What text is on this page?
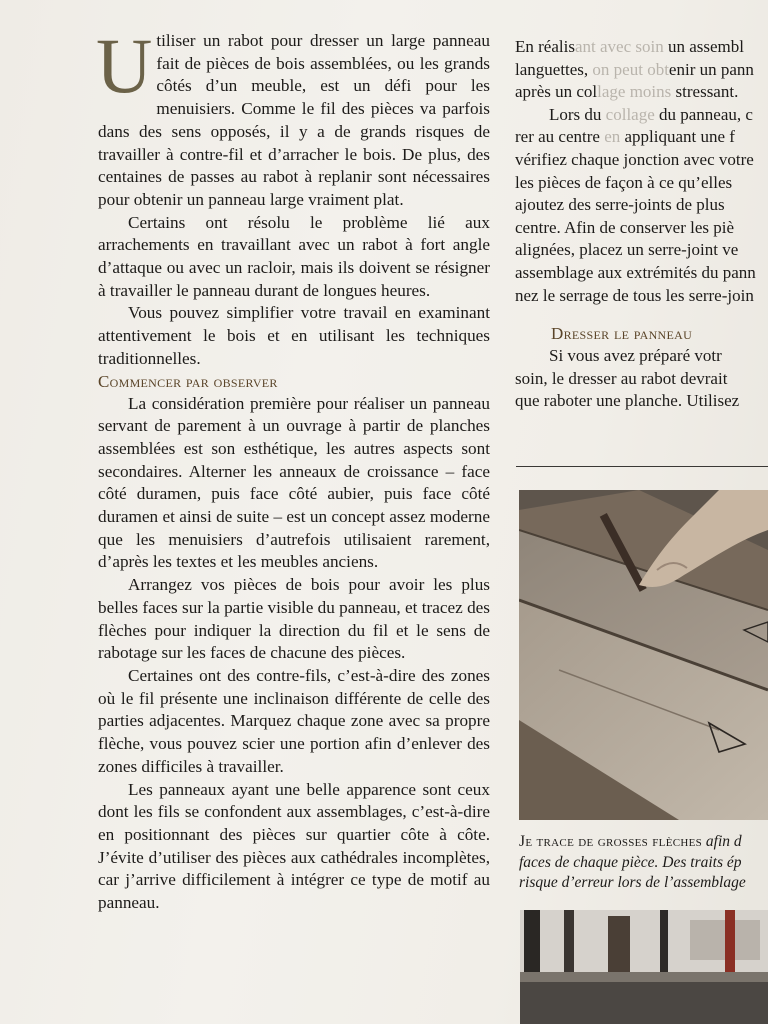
Utiliser un rabot pour dresser un large panneau fait de pièces de bois assemblées, ou les grands côtés d’un meuble, est un défi pour les menuisiers. Comme le fil des pièces va parfois dans des sens opposés, il y a de grands risques de travailler à contre-fil et d’arracher le bois. De plus, des centaines de passes au rabot à replanir sont nécessaires pour obtenir un panneau large vraiment plat.

Certains ont résolu le problème lié aux arrachements en travaillant avec un rabot à fort angle d’attaque ou avec un racloir, mais ils doivent se résigner à travailler le panneau durant de longues heures.

Vous pouvez simplifier votre travail en examinant attentivement le bois et en utilisant les techniques traditionnelles.

Commencer par observer

La considération première pour réaliser un panneau servant de parement à un ouvrage à partir de planches assemblées est son esthétique, les autres aspects sont secondaires. Alterner les anneaux de croissance – face côté duramen, puis face côté aubier, puis face côté duramen et ainsi de suite – est un concept assez moderne que les menuisiers d’autrefois utilisaient rarement, d’après les textes et les meubles anciens.

Arrangez vos pièces de bois pour avoir les plus belles faces sur la partie visible du panneau, et tracez des flèches pour indiquer la direction du fil et le sens de rabotage sur les faces de chacune des pièces.

Certaines ont des contre-fils, c’est-à-dire des zones où le fil présente une inclinaison différente de celle des parties adjacentes. Marquez chaque zone avec sa propre flèche, vous pouvez scier une portion afin d’enlever des zones difficiles à travailler.

Les panneaux ayant une belle apparence sont ceux dont les fils se confondent aux assemblages, c’est-à-dire en positionnant des pièces sur quartier côte à côte. J’évite d’utiliser des pièces aux cathédrales incomplètes, car j’arrive difficilement à intégrer ce type de motif au panneau.

En réalisant avec soin un assembl

languettes, on peut obtenir un pann

après un collage moins stressant.

Lors du collage du panneau, c

rer au centre en appliquant une f

vérifiez chaque jonction avec votre

les pièces de façon à ce qu’elles

ajoutez des serre-joints de plus

centre. Afin de conserver les piè

alignées, placez un serre-joint ve

assemblage aux extrémités du pann

nez le serrage de tous les serre-join

Dresser le panneau

Si vous avez préparé votr

soin, le dresser au rabot devrait

que raboter une planche. Utilisez

Je trace de grosses flèches afin d
faces de chaque pièce. Des traits ép
risque d’erreur lors de l’assemblage
